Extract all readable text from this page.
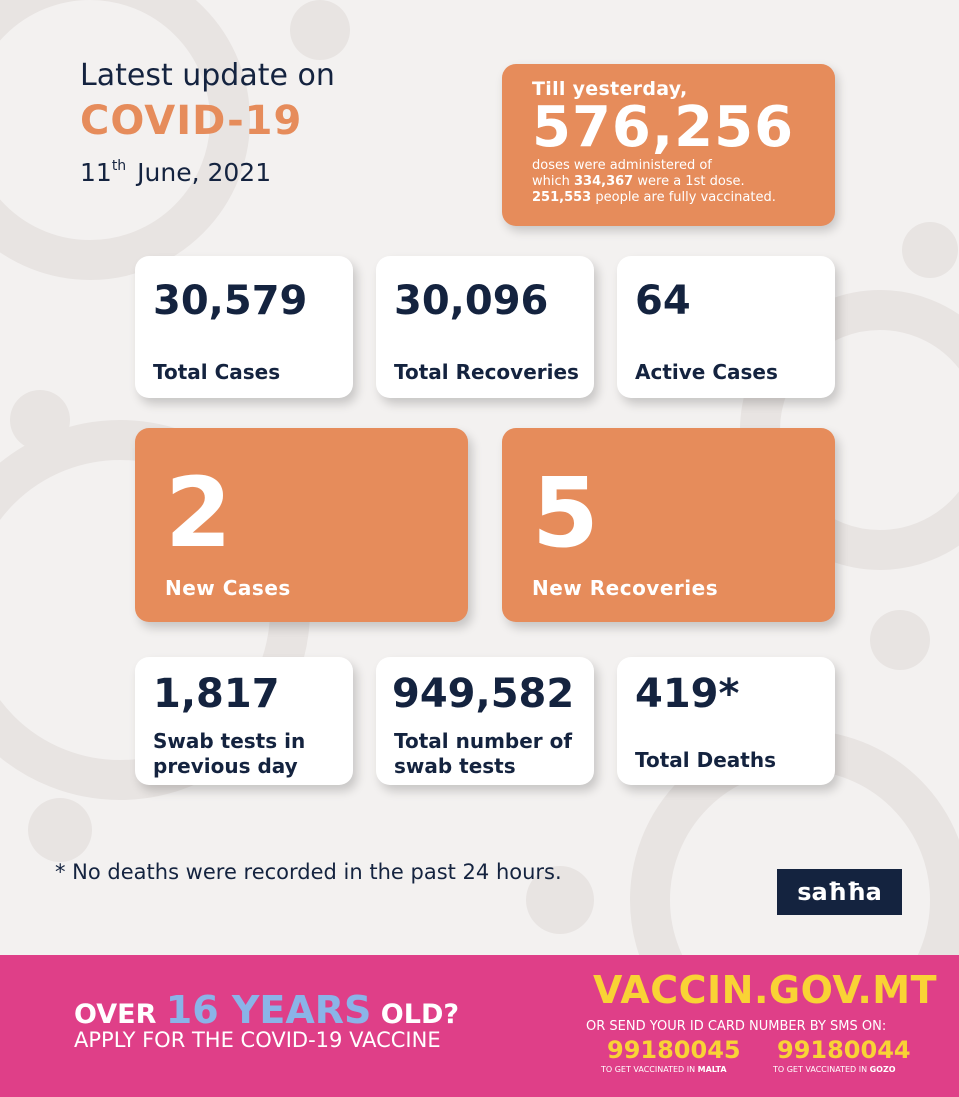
Latest update on
COVID-19
11th June, 2021
Till yesterday,
576,256
doses were administered of
which 334,367 were a 1st dose.
251,553 people are fully vaccinated.
30,579
Total Cases
30,096
Total Recoveries
64
Active Cases
2
New Cases
5
New Recoveries
1,817
Swab tests in
previous day
949,582
Total number of
swab tests
419*
Total Deaths
* No deaths were recorded in the past 24 hours.
saħħa
OVER 16 YEARS OLD?
APPLY FOR THE COVID-19 VACCINE
VACCIN.GOV.MT
OR SEND YOUR ID CARD NUMBER BY SMS ON:
99180045
TO GET VACCINATED IN MALTA
99180044
TO GET VACCINATED IN GOZO
